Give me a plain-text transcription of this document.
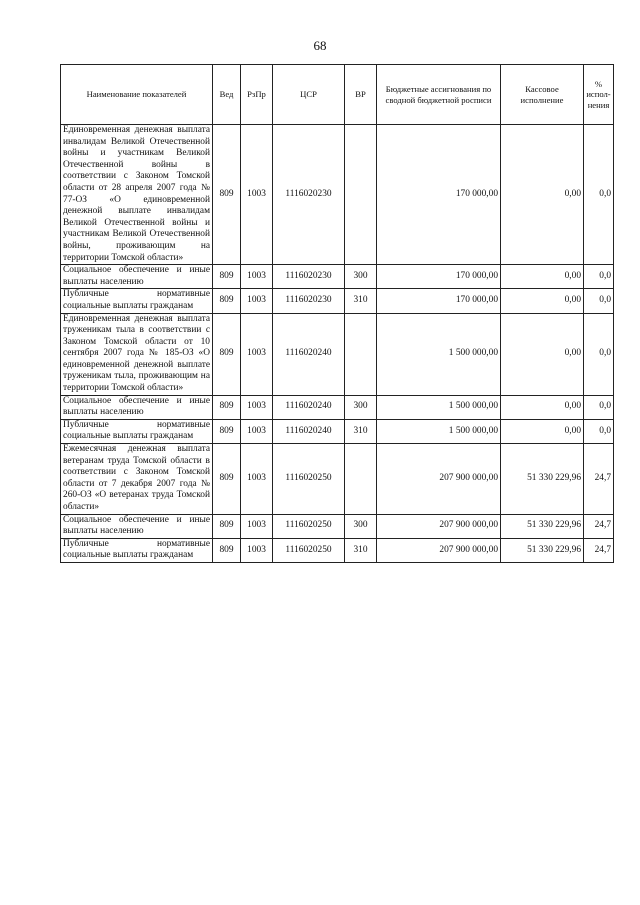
68
Наименование показателей	Вед	РзПр	ЦСР	ВР	Бюджетные ассигнования по сводной бюджетной росписи	Кассовое исполнение	% испол-нения
Единовременная денежная выплата инвалидам Великой Отечественной войны и участникам Великой Отечественной войны в соответствии с Законом Томской области от 28 апреля 2007 года № 77-ОЗ «О единовременной денежной выплате инвалидам Великой Отечественной войны и участникам Великой Отечественной войны, проживающим на территории Томской области»	809	1003	1116020230		170 000,00	0,00	0,0
Социальное обеспечение и иные выплаты населению	809	1003	1116020230	300	170 000,00	0,00	0,0
Публичные нормативные социальные выплаты гражданам	809	1003	1116020230	310	170 000,00	0,00	0,0
Единовременная денежная выплата труженикам тыла в соответствии с Законом Томской области от 10 сентября 2007 года № 185-ОЗ «О единовременной денежной выплате труженикам тыла, проживающим на территории Томской области»	809	1003	1116020240		1 500 000,00	0,00	0,0
Социальное обеспечение и иные выплаты населению	809	1003	1116020240	300	1 500 000,00	0,00	0,0
Публичные нормативные социальные выплаты гражданам	809	1003	1116020240	310	1 500 000,00	0,00	0,0
Ежемесячная денежная выплата ветеранам труда Томской области в соответствии с Законом Томской области от 7 декабря 2007 года № 260-ОЗ «О ветеранах труда Томской области»	809	1003	1116020250		207 900 000,00	51 330 229,96	24,7
Социальное обеспечение и иные выплаты населению	809	1003	1116020250	300	207 900 000,00	51 330 229,96	24,7
Публичные нормативные социальные выплаты гражданам	809	1003	1116020250	310	207 900 000,00	51 330 229,96	24,7
